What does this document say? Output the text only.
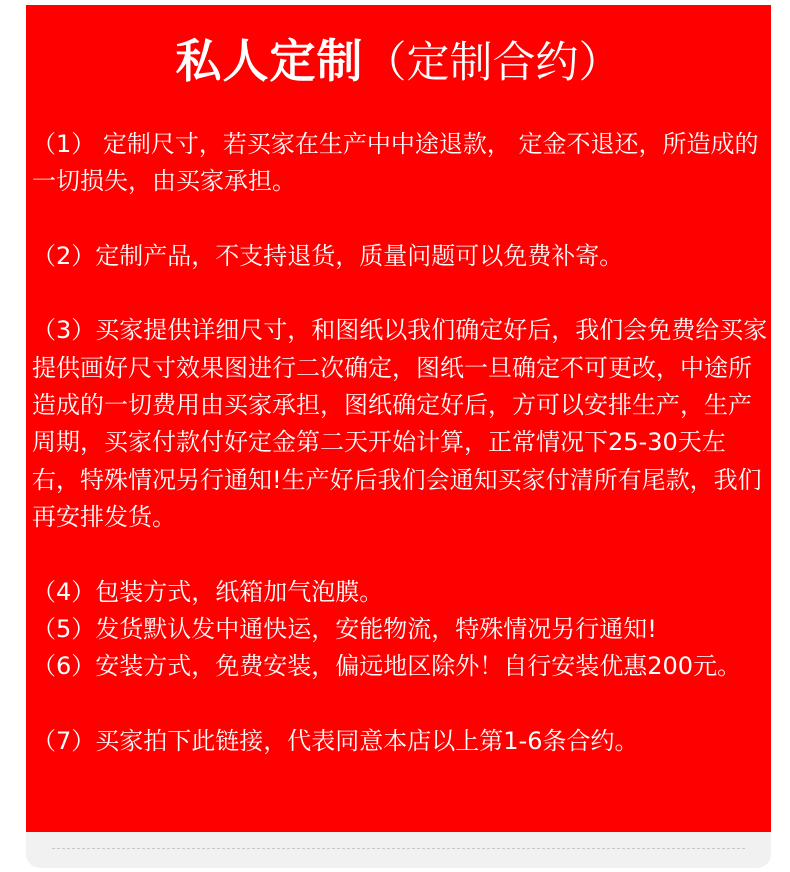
私人定制（定制合约）

（1） 定制尺寸，若买家在生产中中途退款， 定金不退还，所造成的一切损失，由买家承担。

（2）定制产品，不支持退货，质量问题可以免费补寄。

（3）买家提供详细尺寸，和图纸以我们确定好后，我们会免费给买家提供画好尺寸效果图进行二次确定，图纸一旦确定不可更改，中途所造成的一切费用由买家承担，图纸确定好后，方可以安排生产，生产周期，买家付款付好定金第二天开始计算，正常情况下25-30天左右，特殊情况另行通知!生产好后我们会通知买家付清所有尾款，我们再安排发货。

（4）包装方式，纸箱加气泡膜。

（5）发货默认发中通快运，安能物流，特殊情况另行通知!

（6）安装方式，免费安装，偏远地区除外！自行安装优惠200元。

（7）买家拍下此链接，代表同意本店以上第1-6条合约。
